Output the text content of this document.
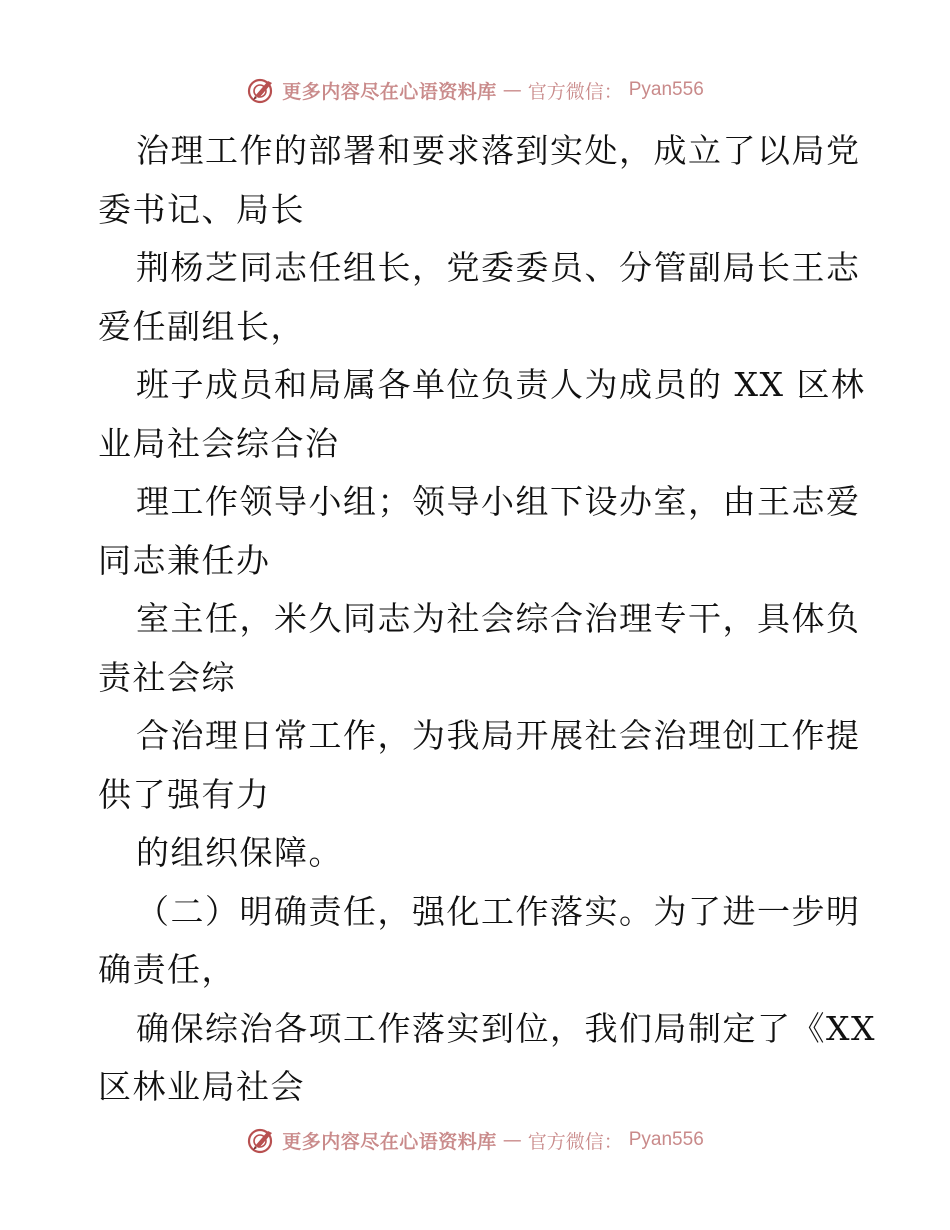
更多内容尽在心语资料库 — 官方微信： Pyan556
治理工作的部署和要求落到实处，成立了以局党
委书记、局长
荆杨芝同志任组长，党委委员、分管副局长王志
爱任副组长，
班子成员和局属各单位负责人为成员的 XX 区林
业局社会综合治
理工作领导小组；领导小组下设办室，由王志爱
同志兼任办
室主任，米久同志为社会综合治理专干，具体负
责社会综
合治理日常工作，为我局开展社会治理创工作提
供了强有力
的组织保障。
（二）明确责任，强化工作落实。为了进一步明
确责任，
确保综治各项工作落实到位，我们局制定了《XX
区林业局社会
更多内容尽在心语资料库 — 官方微信： Pyan556
